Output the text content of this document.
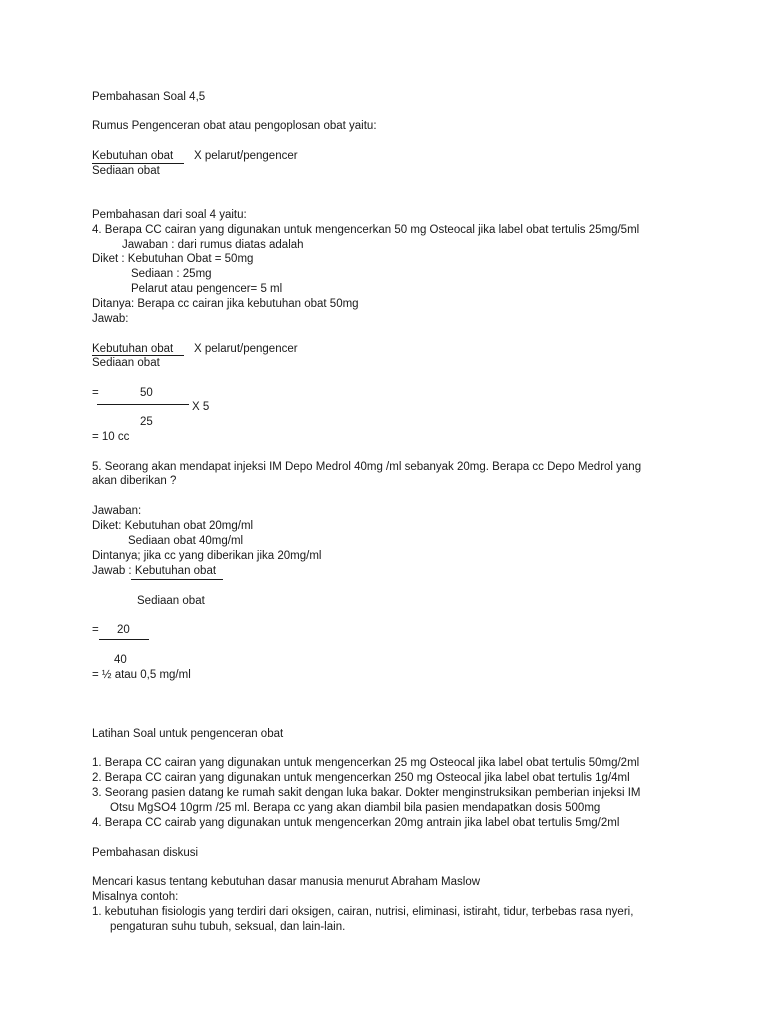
Pembahasan Soal 4,5
Rumus Pengenceran obat atau pengoplosan obat yaitu:
Kebutuhan obat X pelarut/pengencer
Sediaan obat
Pembahasan dari soal 4 yaitu:
4. Berapa CC cairan yang digunakan untuk mengencerkan 50 mg Osteocal jika label obat tertulis 25mg/5ml
Jawaban : dari rumus diatas adalah
Diket : Kebutuhan Obat = 50mg
Sediaan : 25mg
Pelarut atau pengencer= 5 ml
Ditanya: Berapa cc cairan jika kebutuhan obat 50mg
Jawab:
Kebutuhan obat X pelarut/pengencer
Sediaan obat
=	50
X 5
25
= 10 cc
5. Seorang akan mendapat injeksi IM Depo Medrol 40mg /ml sebanyak 20mg. Berapa cc Depo Medrol yang
akan diberikan ?
Jawaban:
Diket: Kebutuhan obat 20mg/ml
Sediaan obat 40mg/ml
Dintanya; jika cc yang diberikan jika 20mg/ml
Jawab : Kebutuhan obat
Sediaan obat
= 20
40
= ½ atau 0,5 mg/ml
Latihan Soal untuk pengenceran obat
1. Berapa CC cairan yang digunakan untuk mengencerkan 25 mg Osteocal jika label obat tertulis 50mg/2ml
2. Berapa CC cairan yang digunakan untuk mengencerkan 250 mg Osteocal jika label obat tertulis 1g/4ml
3. Seorang pasien datang ke rumah sakit dengan luka bakar. Dokter menginstruksikan pemberian injeksi IM
Otsu MgSO4 10grm /25 ml. Berapa cc yang akan diambil bila pasien mendapatkan dosis 500mg
4. Berapa CC cairab yang digunakan untuk mengencerkan 20mg antrain jika label obat tertulis 5mg/2ml
Pembahasan diskusi
Mencari kasus tentang kebutuhan dasar manusia menurut Abraham Maslow
Misalnya contoh:
1. kebutuhan fisiologis yang terdiri dari oksigen, cairan, nutrisi, eliminasi, istiraht, tidur, terbebas rasa nyeri,
pengaturan suhu tubuh, seksual, dan lain-lain.
